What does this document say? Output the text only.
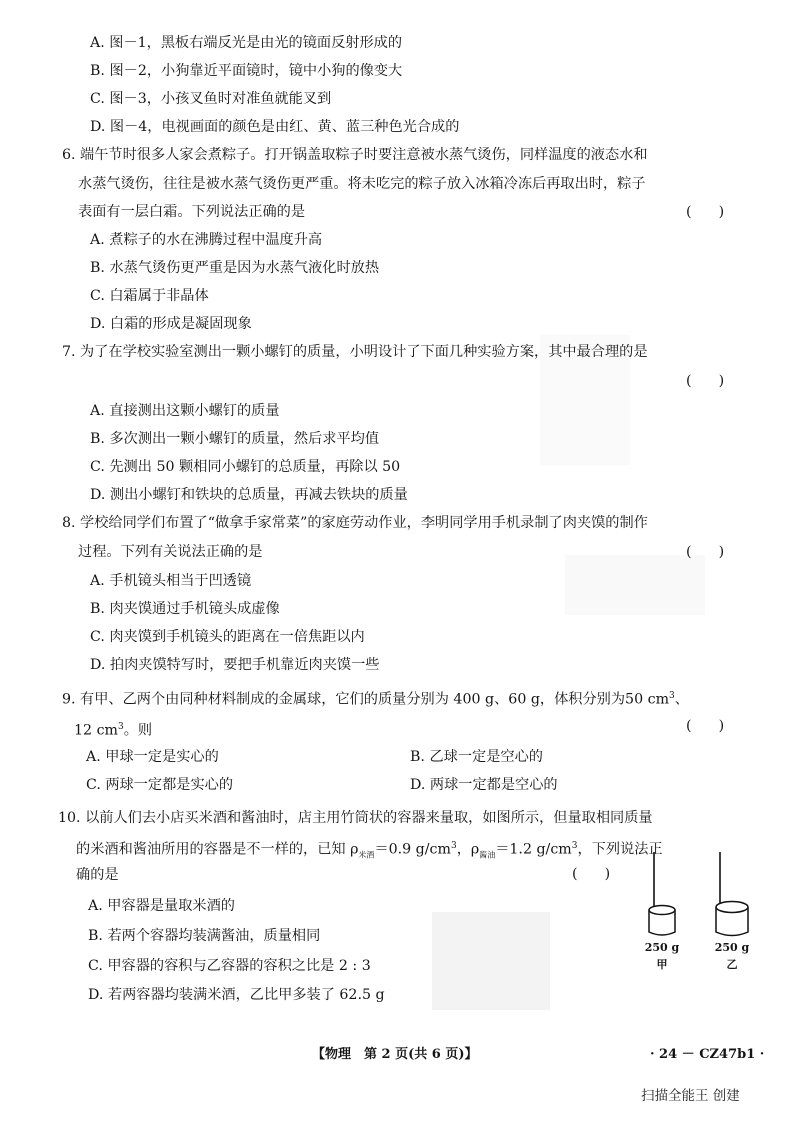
A. 图－1，黑板右端反光是由光的镜面反射形成的
B. 图－2，小狗靠近平面镜时，镜中小狗的像变大
C. 图－3，小孩叉鱼时对准鱼就能叉到
D. 图－4，电视画面的颜色是由红、黄、蓝三种色光合成的
6. 端午节时很多人家会煮粽子。打开锅盖取粽子时要注意被水蒸气烫伤，同样温度的液态水和
水蒸气烫伤，往往是被水蒸气烫伤更严重。将未吃完的粽子放入冰箱冷冻后再取出时，粽子
表面有一层白霜。下列说法正确的是	(      )
A. 煮粽子的水在沸腾过程中温度升高
B. 水蒸气烫伤更严重是因为水蒸气液化时放热
C. 白霜属于非晶体
D. 白霜的形成是凝固现象
7. 为了在学校实验室测出一颗小螺钉的质量，小明设计了下面几种实验方案，其中最合理的是
(      )
A. 直接测出这颗小螺钉的质量
B. 多次测出一颗小螺钉的质量，然后求平均值
C. 先测出 50 颗相同小螺钉的总质量，再除以 50
D. 测出小螺钉和铁块的总质量，再减去铁块的质量
8. 学校给同学们布置了“做拿手家常菜”的家庭劳动作业，李明同学用手机录制了肉夹馍的制作
过程。下列有关说法正确的是	(      )
A. 手机镜头相当于凹透镜
B. 肉夹馍通过手机镜头成虚像
C. 肉夹馍到手机镜头的距离在一倍焦距以内
D. 拍肉夹馍特写时，要把手机靠近肉夹馍一些
9. 有甲、乙两个由同种材料制成的金属球，它们的质量分别为 400 g、60 g，体积分别为50 $cm^3$、
12 $cm^3$。则	(      )
A. 甲球一定是实心的	B. 乙球一定是空心的
C. 两球一定都是实心的	D. 两球一定都是空心的
10. 以前人们去小店买米酒和酱油时，店主用竹筒状的容器来量取，如图所示，但量取相同质量
的米酒和酱油所用的容器是不一样的，已知 $\rho_{米酒}=0.9$ $g/cm^3$，$\rho_{酱油}=1.2$ $g/cm^3$，下列说法正
确的是	(      )
A. 甲容器是量取米酒的
B. 若两个容器均装满酱油，质量相同
C. 甲容器的容积与乙容器的容积之比是 2 : 3
D. 若两容器均装满米酒，乙比甲多装了 62.5 g
250 g
甲
250 g
乙
【物理　第 2 页(共 6 页)】	· 24 － CZ47b1 ·
扫描全能王 创建
